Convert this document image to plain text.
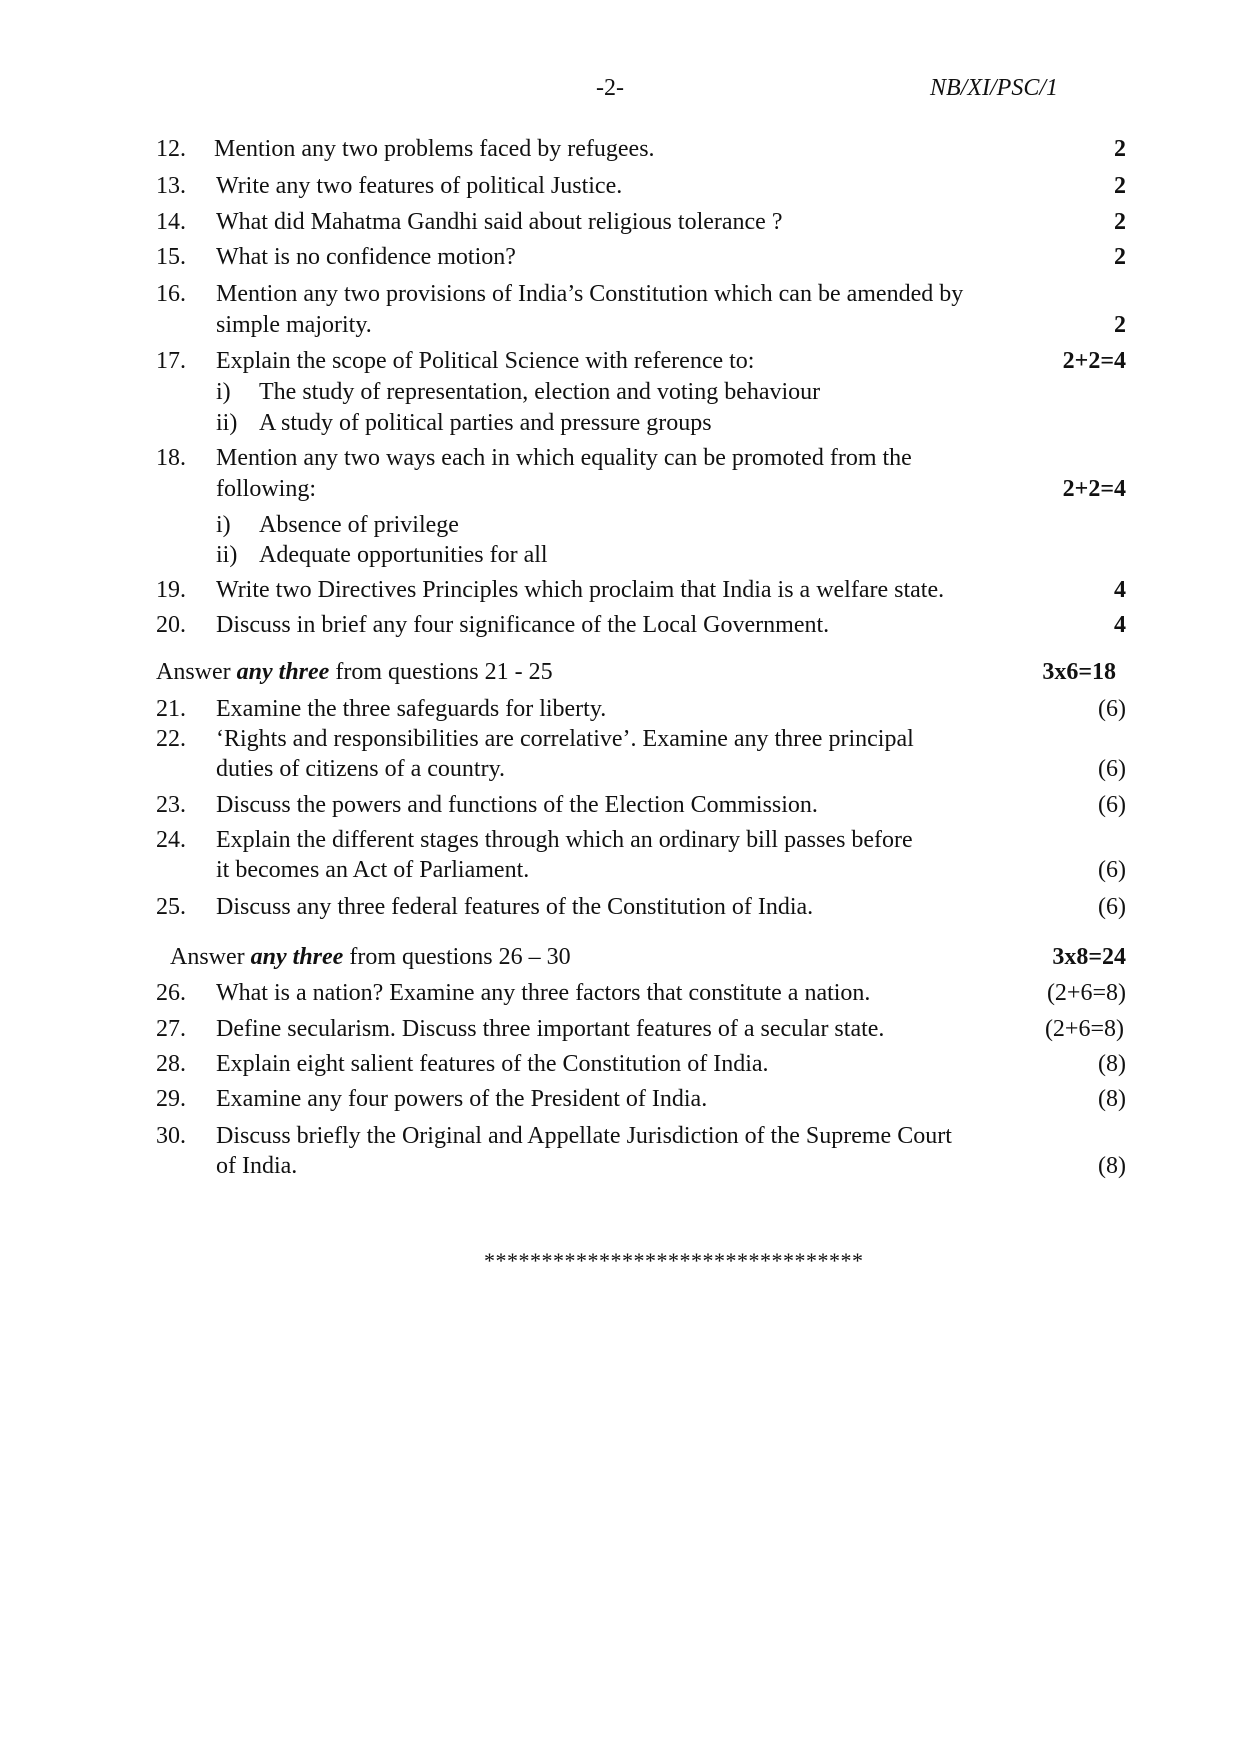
-2-	NB/XI/PSC/1
12. Mention any two problems faced by refugees.	2
13. Write any two features of political Justice.	2
14. What did Mahatma Gandhi said about religious tolerance ?	2
15. What is no confidence motion?	2
16. Mention any two provisions of India’s Constitution which can be amended by
simple majority.	2
17. Explain the scope of Political Science with reference to:	2+2=4
i) The study of representation, election and voting behaviour
ii) A study of political parties and pressure groups
18. Mention any two ways each in which equality can be promoted from the
following:	2+2=4
i) Absence of privilege
ii) Adequate opportunities for all
19. Write two Directives Principles which proclaim that India is a welfare state.	4
20. Discuss in brief any four significance of the Local Government.	4
Answer any three from questions 21 - 25	3x6=18
21. Examine the three safeguards for liberty.	(6)
22. ‘Rights and responsibilities are correlative’. Examine any three principal
duties of citizens of a country.	(6)
23. Discuss the powers and functions of the Election Commission.	(6)
24. Explain the different stages through which an ordinary bill passes before
it becomes an Act of Parliament.	(6)
25. Discuss any three federal features of the Constitution of India.	(6)
Answer any three from questions 26 – 30	3x8=24
26. What is a nation? Examine any three factors that constitute a nation.	(2+6=8)
27. Define secularism. Discuss three important features of a secular state.	(2+6=8)
28. Explain eight salient features of the Constitution of India.	(8)
29. Examine any four powers of the President of India.	(8)
30. Discuss briefly the Original and Appellate Jurisdiction of the Supreme Court
of India.	(8)
*********************************
